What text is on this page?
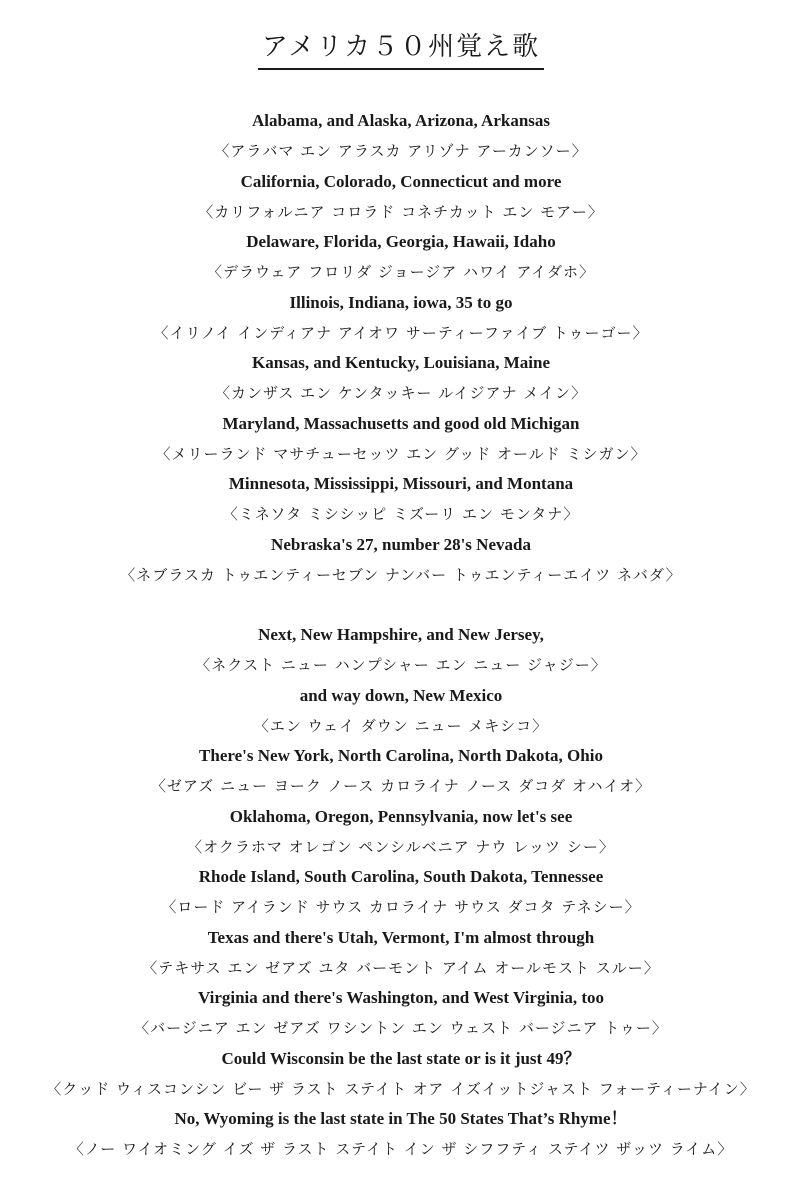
アメリカ５０州覚え歌
Alabama, and Alaska, Arizona, Arkansas
〈アラバマ エン アラスカ アリゾナ アーカンソー〉
California, Colorado, Connecticut and more
〈カリフォルニア コロラド コネチカット エン モアー〉
Delaware, Florida, Georgia, Hawaii, Idaho
〈デラウェア フロリダ ジョージア ハワイ アイダホ〉
Illinois, Indiana, iowa, 35 to go
〈イリノイ インディアナ アイオワ サーティーファイブ トゥーゴー〉
Kansas, and Kentucky, Louisiana, Maine
〈カンザス エン ケンタッキー ルイジアナ メイン〉
Maryland, Massachusetts and good old Michigan
〈メリーランド マサチューセッツ エン グッド オールド ミシガン〉
Minnesota, Mississippi, Missouri, and Montana
〈ミネソタ ミシシッピ ミズーリ エン モンタナ〉
Nebraska's 27, number 28's Nevada
〈ネブラスカ トゥエンティーセブン ナンバー トゥエンティーエイツ ネバダ〉
Next, New Hampshire, and New Jersey,
〈ネクスト ニュー ハンプシャー エン ニュー ジャジー〉
and way down, New Mexico
〈エン ウェイ ダウン ニュー メキシコ〉
There's New York, North Carolina, North Dakota, Ohio
〈ゼアズ ニュー ヨーク ノース カロライナ ノース ダコダ オハイオ〉
Oklahoma, Oregon, Pennsylvania, now let's see
〈オクラホマ オレゴン ペンシルベニア ナウ レッツ シー〉
Rhode Island, South Carolina, South Dakota, Tennessee
〈ロード アイランド サウス カロライナ サウス ダコタ テネシー〉
Texas and there's Utah, Vermont, I'm almost through
〈テキサス エン ゼアズ ユタ バーモント アイム オールモスト スルー〉
Virginia and there's Washington, and West Virginia, too
〈バージニア エン ゼアズ ワシントン エン ウェスト バージニア トゥー〉
Could Wisconsin be the last state or is it just 49？
〈クッド ウィスコンシン ビー ザ ラスト ステイト オア イズイットジャスト フォーティーナイン〉
No, Wyoming is the last state in The 50 States That’s Rhyme！
〈ノー ワイオミング イズ ザ ラスト ステイト イン ザ シフフティ ステイツ ザッツ ライム〉
